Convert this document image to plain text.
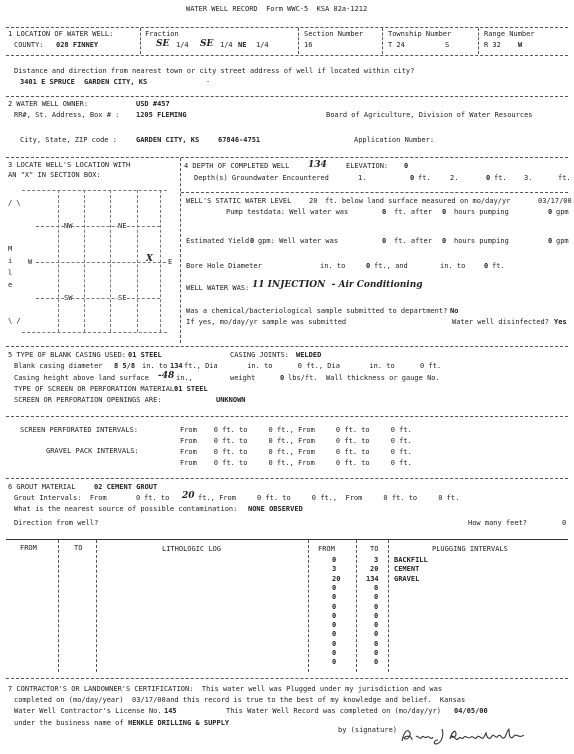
WATER WELL RECORD  Form WWC-5  KSA 82a-1212
1 LOCATION OF WATER WELL:
COUNTY: 028 FINNEY
Fraction
SE 1/4 SE 1/4 NE 1/4
Section Number
16
Township Number
T 24	S
Range Number
R 32 W
Distance and direction from nearest town or city street address of well if located within city?
3401 E SPRUCE GARDEN CITY, KS	-
2 WATER WELL OWNER:	USD #457
RR#, St. Address, Box # : 1205 FLEMING	Board of Agriculture, Division of Water Resources
City, State, ZIP code :	GARDEN CITY, KS	67846-4751	Application Number:
3 LOCATE WELL'S LOCATION WITH
AN "X" IN SECTION BOX:
NW	NE
SW	SE
W	E
X
/ \
\ /
M
i
l
e
4 DEPTH OF COMPLETED WELL 134	ELEVATION: 0
Depth(s) Groundwater Encountered	1.	0 ft.	2.	0 ft. 3.	ft.
WELL'S STATIC WATER LEVEL	20 ft. below land surface measured on mo/day/yr	03/17/00
Pump testdata: Well water was	0 ft. after 0 hours pumping	0 gpm
Estimated Yield 0 gpm: Well water was	0 ft. after 0 hours pumping	0 gpm
Bore Hole Diameter	in. to	0 ft., and	in. to	0 ft.
WELL WATER WAS: 11 INJECTION  - Air Conditioning
Was a chemical/bacteriological sample submitted to department? No
If yes, mo/day/yr sample was submitted	Water well disinfected? Yes
5 TYPE OF BLANK CASING USED: 01 STEEL	CASING JOINTS: WELDED
Blank casing diameter 8 5/8 in. to 134 ft., Dia       in. to      0 ft., Dia       in. to      0 ft.
Casing height above land surface -48 in.,	weight	0 lbs/ft.  Wall thickness or gauge No.
TYPE OF SCREEN OR PERFORATION MATERIAL:
01 STEEL
SCREEN OR PERFORATION OPENINGS ARE:	UNKNOWN
SCREEN PERFORATED INTERVALS:
GRAVEL PACK INTERVALS:
From    0 ft. to     0 ft., From     0 ft. to     0 ft.
From    0 ft. to     0 ft., From     0 ft. to     0 ft.
From    0 ft. to     0 ft., From     0 ft. to     0 ft.
From    0 ft. to     0 ft., From     0 ft. to     0 ft.
6 GROUT MATERIAL	02 CEMENT GROUT
Grout Intervals:  From	0 ft. to 20 ft., From     0 ft. to     0 ft.,  From     0 ft. to     0 ft.
What is the nearest source of possible contamination: NONE OBSERVED
Direction from well?	How many feet?	0
FROM	TO	LITHOLOGIC LOG	FROM	TO	PLUGGING INTERVALS
0	3 BACKFILL
3	20 CEMENT
20	134 GRAVEL
0	0
0	0
0	0
0	0
0	0
0	0
0	0
0	0
0	0
7 CONTRACTOR'S OR LANDOWNER'S CERTIFICATION:  This water well was Plugged under my jurisdiction and was
completed on (mo/day/year) 03/17/00 and this record is true to the best of my knowledge and belief.  Kansas
Water Well Contractor's License No. 145	This Water Well Record was completed on (mo/day/yr) 04/05/00
under the business name of HENKLE DRILLING & SUPPLY
by (signature)
